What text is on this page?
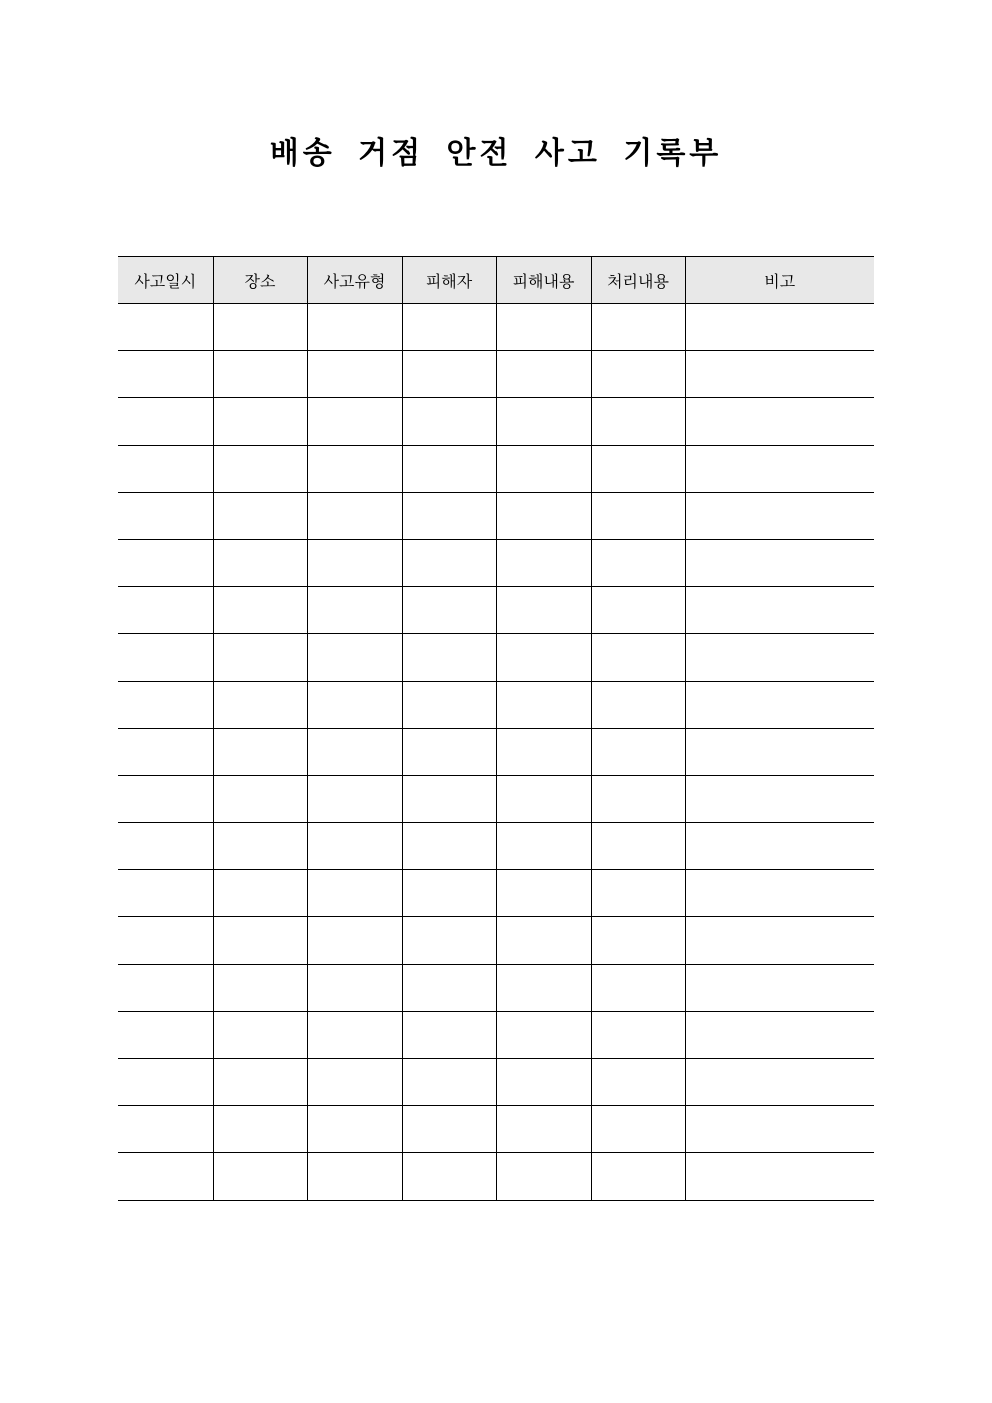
배송 거점 안전 사고 기록부
사고일시	장소	사고유형	피해자	피해내용	처리내용	비고
